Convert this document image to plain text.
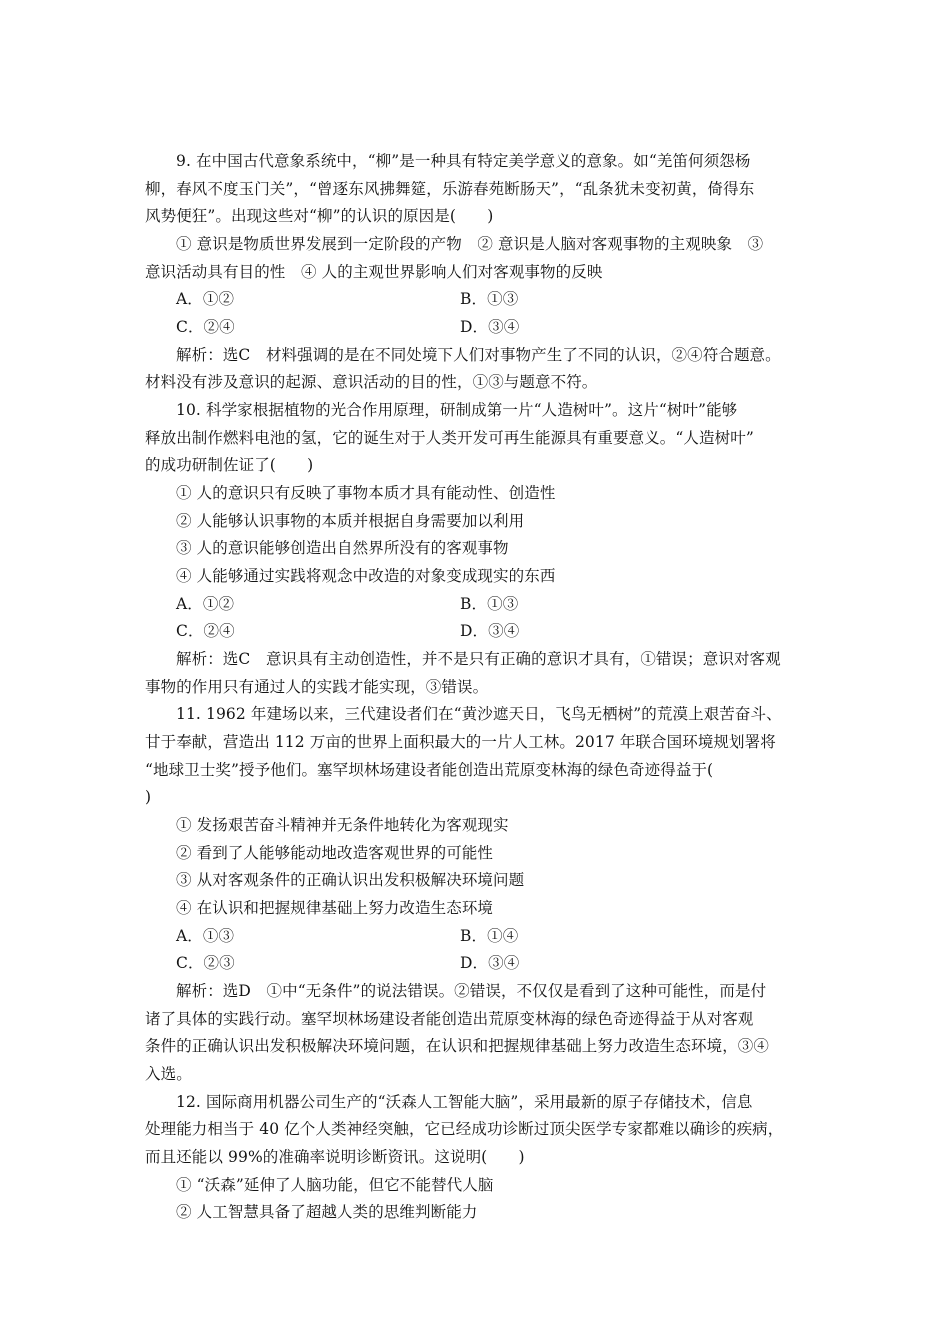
9. 在中国古代意象系统中，“柳”是一种具有特定美学意义的意象。如“羌笛何须怨杨
柳，春风不度玉门关”，“曾逐东风拂舞筵，乐游春苑断肠天”，“乱条犹未变初黄，倚得东
风势便狂”。出现这些对“柳”的认识的原因是(　　)
① 意识是物质世界发展到一定阶段的产物　② 意识是人脑对客观事物的主观映象　③
意识活动具有目的性　④ 人的主观世界影响人们对客观事物的反映
A．①②	B．①③
C．②④	D．③④
解析：选C　材料强调的是在不同处境下人们对事物产生了不同的认识，②④符合题意。
材料没有涉及意识的起源、意识活动的目的性，①③与题意不符。
10. 科学家根据植物的光合作用原理，研制成第一片“人造树叶”。这片“树叶”能够
释放出制作燃料电池的氢，它的诞生对于人类开发可再生能源具有重要意义。“人造树叶”
的成功研制佐证了(　　)
① 人的意识只有反映了事物本质才具有能动性、创造性
② 人能够认识事物的本质并根据自身需要加以利用
③ 人的意识能够创造出自然界所没有的客观事物
④ 人能够通过实践将观念中改造的对象变成现实的东西
A．①②	B．①③
C．②④	D．③④
解析：选C　意识具有主动创造性，并不是只有正确的意识才具有，①错误；意识对客观
事物的作用只有通过人的实践才能实现，③错误。
11. 1962 年建场以来，三代建设者们在“黄沙遮天日，飞鸟无栖树”的荒漠上艰苦奋斗、
甘于奉献，营造出 112 万亩的世界上面积最大的一片人工林。2017 年联合国环境规划署将
“地球卫士奖”授予他们。塞罕坝林场建设者能创造出荒原变林海的绿色奇迹得益于(
)
① 发扬艰苦奋斗精神并无条件地转化为客观现实
② 看到了人能够能动地改造客观世界的可能性
③ 从对客观条件的正确认识出发积极解决环境问题
④ 在认识和把握规律基础上努力改造生态环境
A．①③	B．①④
C．②③	D．③④
解析：选D　①中“无条件”的说法错误。②错误，不仅仅是看到了这种可能性，而是付
诸了具体的实践行动。塞罕坝林场建设者能创造出荒原变林海的绿色奇迹得益于从对客观
条件的正确认识出发积极解决环境问题，在认识和把握规律基础上努力改造生态环境，③④
入选。
12. 国际商用机器公司生产的“沃森人工智能大脑”，采用最新的原子存储技术，信息
处理能力相当于 40 亿个人类神经突触，它已经成功诊断过顶尖医学专家都难以确诊的疾病，
而且还能以 99%的准确率说明诊断资讯。这说明(　　)
① “沃森”延伸了人脑功能，但它不能替代人脑
② 人工智慧具备了超越人类的思维判断能力
